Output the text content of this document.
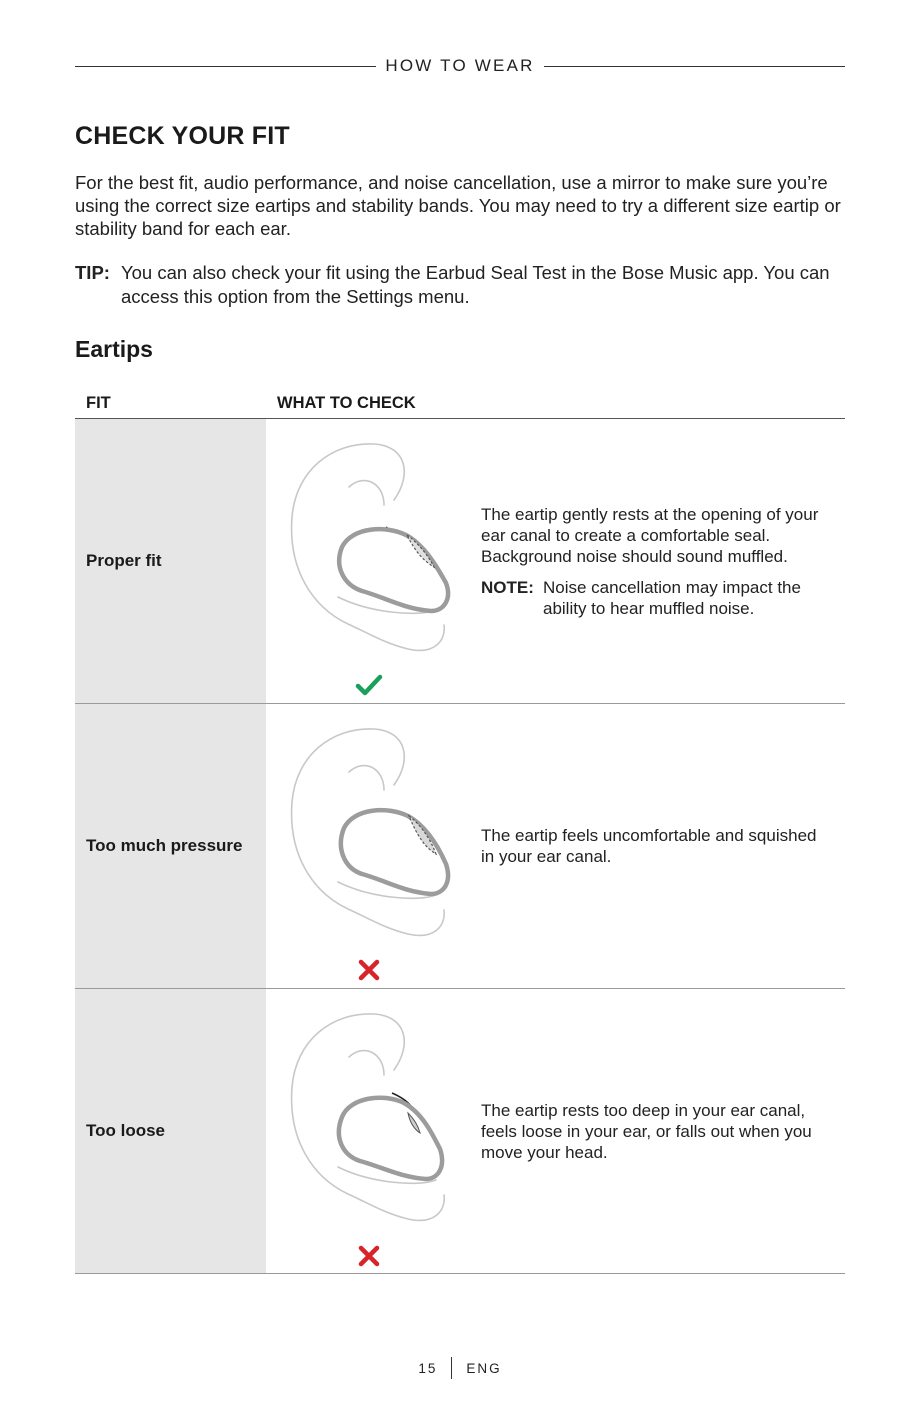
HOW TO WEAR
CHECK YOUR FIT

For the best fit, audio performance, and noise cancellation, use a mirror to make sure you’re using the correct size eartips and stability bands. You may need to try a different size eartip or stability band for each ear.

TIP: You can also check your fit using the Earbud Seal Test in the Bose Music app. You can access this option from the Settings menu.
Eartips
FIT	WHAT TO CHECK
Proper fit
The eartip gently rests at the opening of your ear canal to create a comfortable seal. Background noise should sound muffled.
NOTE: Noise cancellation may impact the ability to hear muffled noise.
Too much pressure
The eartip feels uncomfortable and squished in your ear canal.
Too loose
The eartip rests too deep in your ear canal, feels loose in your ear, or falls out when you move your head.
15 ENG
